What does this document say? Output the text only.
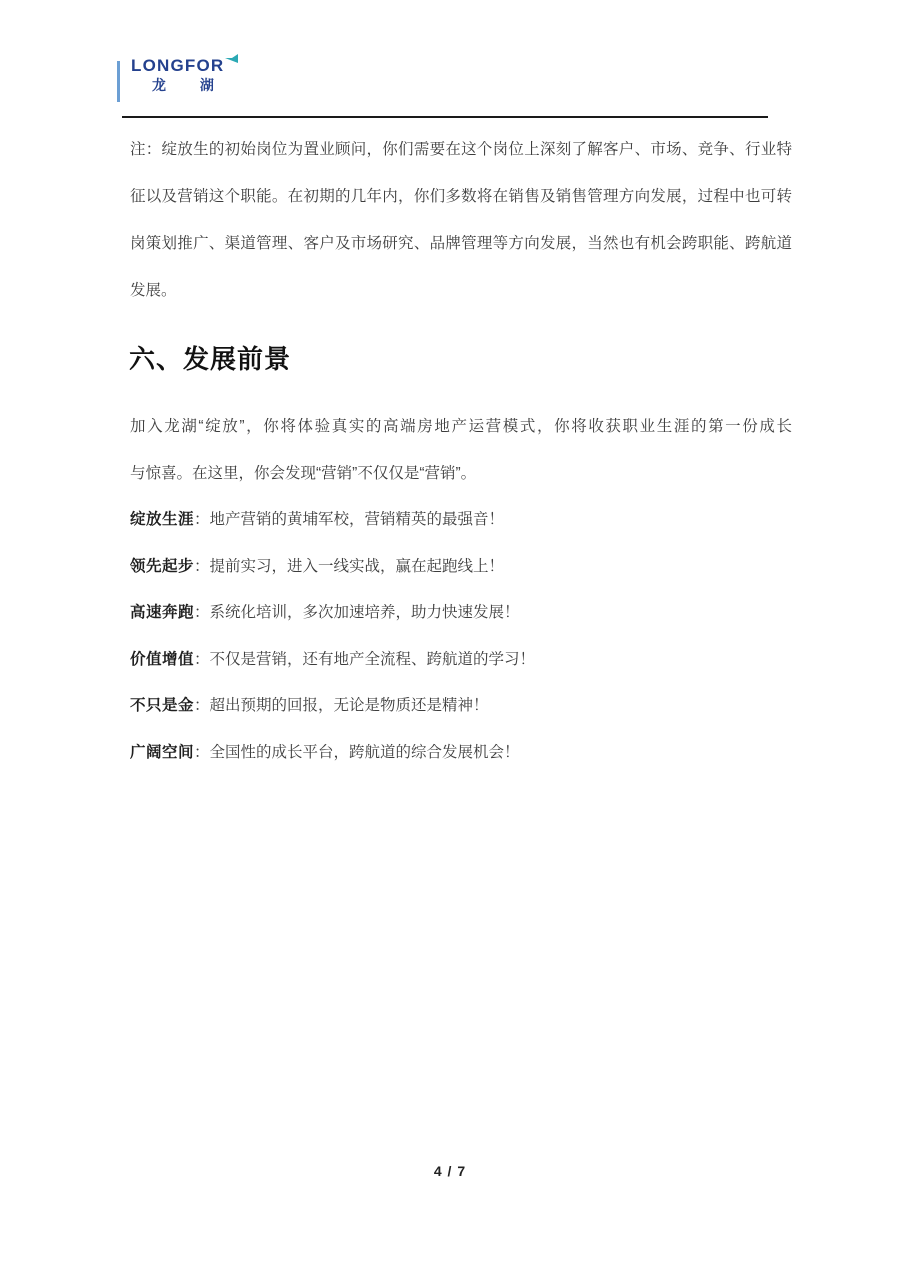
LONGFOR
龙 湖
注：绽放生的初始岗位为置业顾问，你们需要在这个岗位上深刻了解客户、市场、竞争、行业特
征以及营销这个职能。在初期的几年内，你们多数将在销售及销售管理方向发展，过程中也可转
岗策划推广、渠道管理、客户及市场研究、品牌管理等方向发展，当然也有机会跨职能、跨航道
发展。
六、发展前景
加入龙湖“绽放”，你将体验真实的高端房地产运营模式，你将收获职业生涯的第一份成长
与惊喜。在这里，你会发现“营销”不仅仅是“营销”。
绽放生涯：地产营销的黄埔军校，营销精英的最强音！
领先起步：提前实习，进入一线实战，赢在起跑线上！
高速奔跑：系统化培训，多次加速培养，助力快速发展！
价值增值：不仅是营销，还有地产全流程、跨航道的学习！
不只是金：超出预期的回报，无论是物质还是精神！
广阔空间：全国性的成长平台，跨航道的综合发展机会！
4 / 7
